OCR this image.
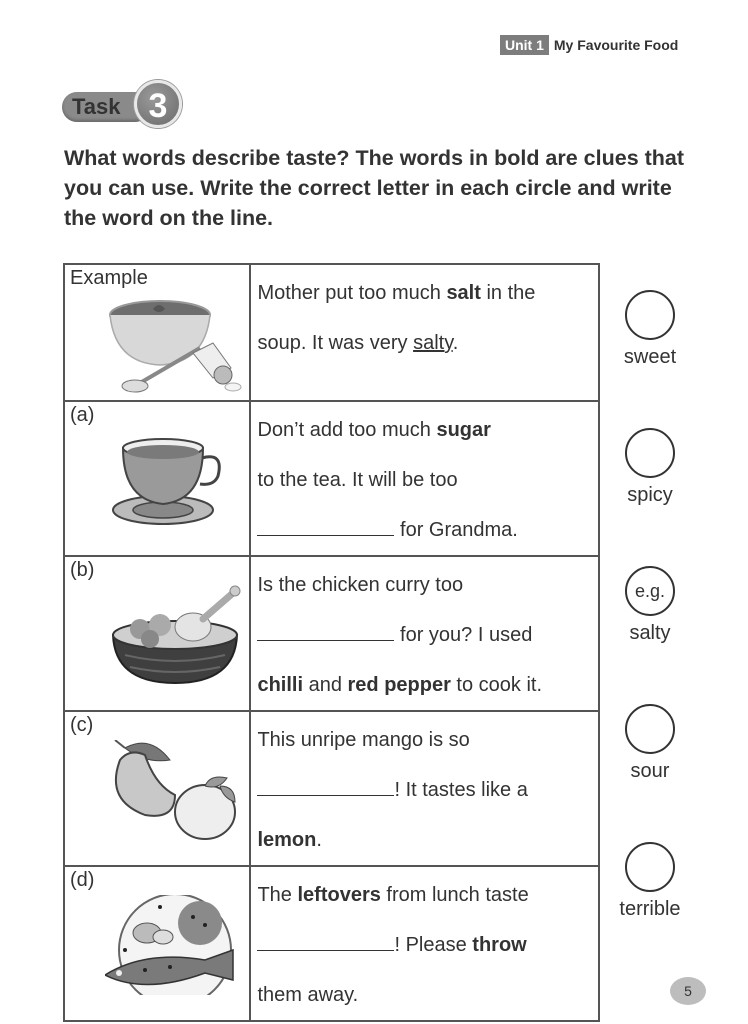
Unit 1 My Favourite Food
Task 3
What words describe taste? The words in bold are clues that you can use. Write the correct letter in each circle and write the word on the line.
Example	Mother put too much salt in the
soup. It was very salty.

(a)	Don’t add too much sugar
to the tea. It will be too
for Grandma.

(b)	Is the chicken curry too
for you? I used
chilli and red pepper to cook it.

(c)	This unripe mango is so
! It tastes like a
lemon.

(d)	The leftovers from lunch taste
! Please throw
them away.
sweet
spicy
e.g.
salty
sour
terrible
5
